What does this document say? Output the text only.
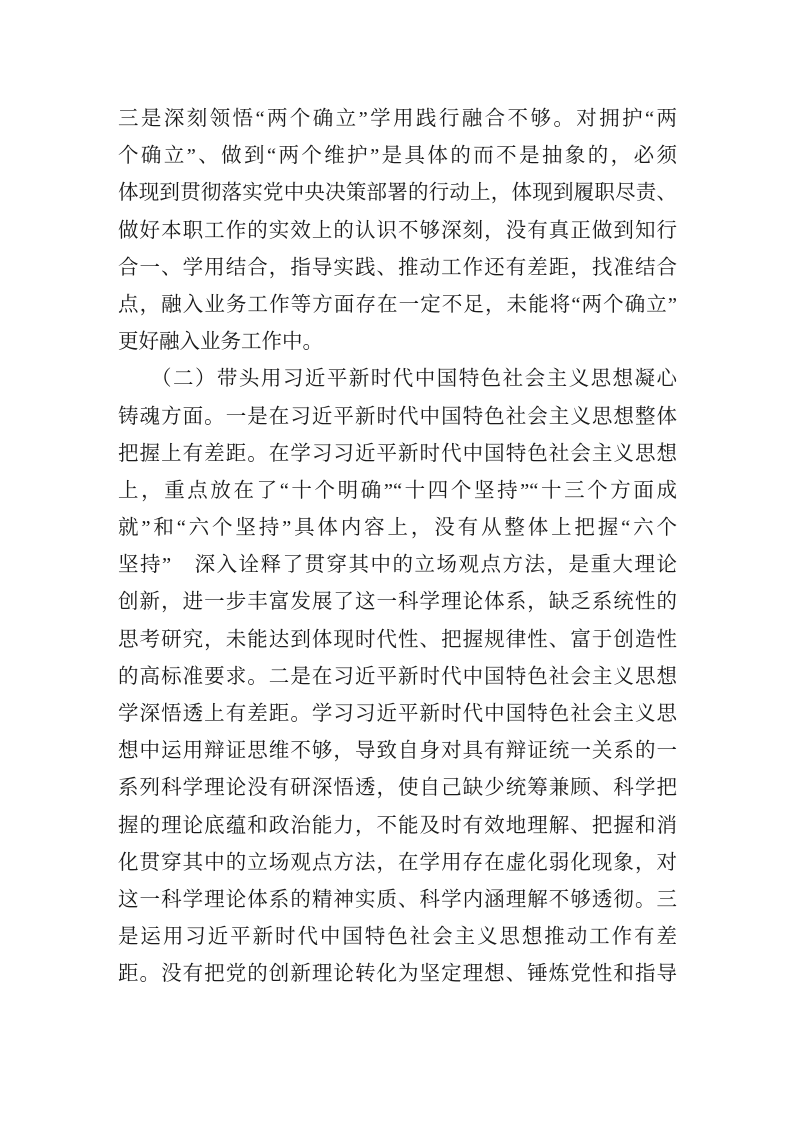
三是深刻领悟“两个确立”学用践行融合不够。对拥护“两
个确立”、做到“两个维护”是具体的而不是抽象的，必须
体现到贯彻落实党中央决策部署的行动上，体现到履职尽责、
做好本职工作的实效上的认识不够深刻，没有真正做到知行
合一、学用结合，指导实践、推动工作还有差距，找准结合
点，融入业务工作等方面存在一定不足，未能将“两个确立”
更好融入业务工作中。
（二）带头用习近平新时代中国特色社会主义思想凝心
铸魂方面。一是在习近平新时代中国特色社会主义思想整体
把握上有差距。在学习习近平新时代中国特色社会主义思想
上，重点放在了“十个明确”“十四个坚持”“十三个方面成
就”和“六个坚持”具体内容上，没有从整体上把握“六个
坚持”　深入诠释了贯穿其中的立场观点方法，是重大理论
创新，进一步丰富发展了这一科学理论体系，缺乏系统性的
思考研究，未能达到体现时代性、把握规律性、富于创造性
的高标准要求。二是在习近平新时代中国特色社会主义思想
学深悟透上有差距。学习习近平新时代中国特色社会主义思
想中运用辩证思维不够，导致自身对具有辩证统一关系的一
系列科学理论没有研深悟透，使自己缺少统筹兼顾、科学把
握的理论底蕴和政治能力，不能及时有效地理解、把握和消
化贯穿其中的立场观点方法，在学用存在虚化弱化现象，对
这一科学理论体系的精神实质、科学内涵理解不够透彻。三
是运用习近平新时代中国特色社会主义思想推动工作有差
距。没有把党的创新理论转化为坚定理想、锤炼党性和指导
